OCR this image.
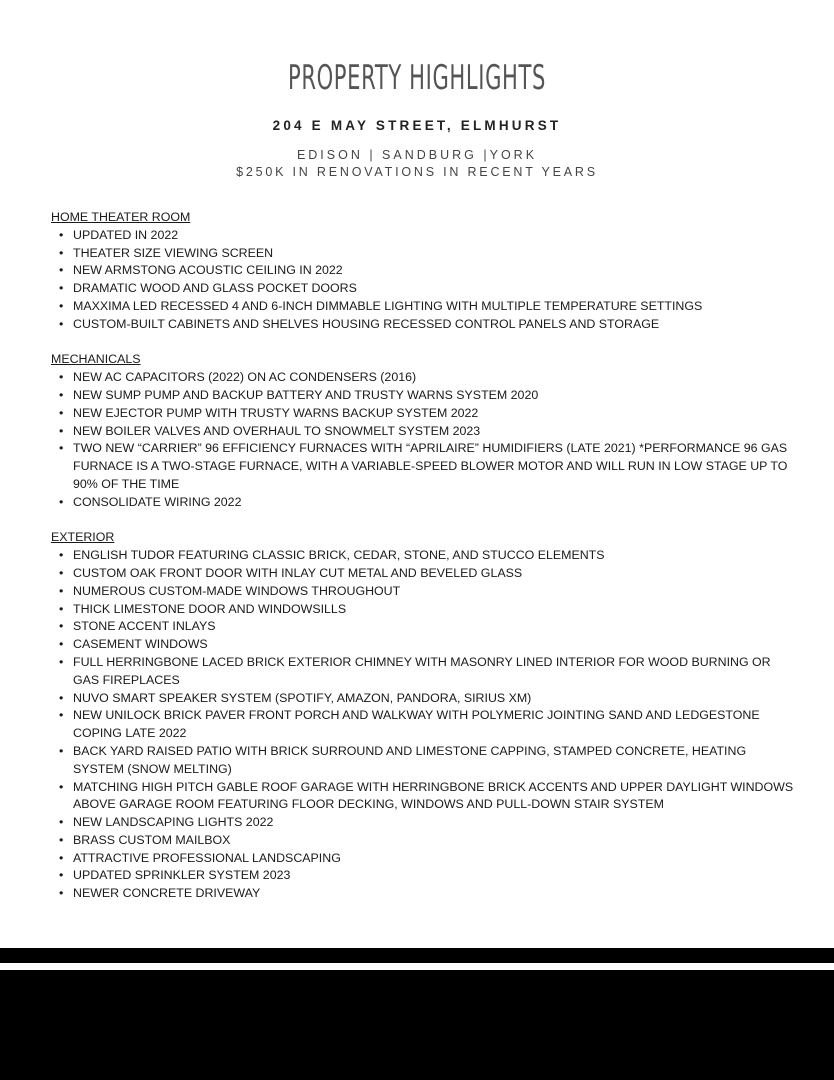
PROPERTY HIGHLIGHTS
204 E MAY STREET, ELMHURST
EDISON | SANDBURG |YORK
$250K IN RENOVATIONS IN RECENT YEARS
HOME THEATER ROOM
• UPDATED IN 2022
• THEATER SIZE VIEWING SCREEN
• NEW ARMSTONG ACOUSTIC CEILING IN 2022
• DRAMATIC WOOD AND GLASS POCKET DOORS
• MAXXIMA LED RECESSED 4 AND 6-INCH DIMMABLE LIGHTING WITH MULTIPLE TEMPERATURE SETTINGS
• CUSTOM-BUILT CABINETS AND SHELVES HOUSING RECESSED CONTROL PANELS AND STORAGE
MECHANICALS
• NEW AC CAPACITORS (2022) ON AC CONDENSERS (2016)
• NEW SUMP PUMP AND BACKUP BATTERY AND TRUSTY WARNS SYSTEM 2020
• NEW EJECTOR PUMP WITH TRUSTY WARNS BACKUP SYSTEM 2022
• NEW BOILER VALVES AND OVERHAUL TO SNOWMELT SYSTEM 2023
• TWO NEW “CARRIER” 96 EFFICIENCY FURNACES WITH “APRILAIRE” HUMIDIFIERS (LATE 2021) *PERFORMANCE 96 GAS FURNACE IS A TWO-STAGE FURNACE, WITH A VARIABLE-SPEED BLOWER MOTOR AND WILL RUN IN LOW STAGE UP TO 90% OF THE TIME
• CONSOLIDATE WIRING 2022
EXTERIOR
• ENGLISH TUDOR FEATURING CLASSIC BRICK, CEDAR, STONE, AND STUCCO ELEMENTS
• CUSTOM OAK FRONT DOOR WITH INLAY CUT METAL AND BEVELED GLASS
• NUMEROUS CUSTOM-MADE WINDOWS THROUGHOUT
• THICK LIMESTONE DOOR AND WINDOWSILLS
• STONE ACCENT INLAYS
• CASEMENT WINDOWS
• FULL HERRINGBONE LACED BRICK EXTERIOR CHIMNEY WITH MASONRY LINED INTERIOR FOR WOOD BURNING OR GAS FIREPLACES
• NUVO SMART SPEAKER SYSTEM (SPOTIFY, AMAZON, PANDORA, SIRIUS XM)
• NEW UNILOCK BRICK PAVER FRONT PORCH AND WALKWAY WITH POLYMERIC JOINTING SAND AND LEDGESTONE COPING LATE 2022
• BACK YARD RAISED PATIO WITH BRICK SURROUND AND LIMESTONE CAPPING, STAMPED CONCRETE, HEATING SYSTEM (SNOW MELTING)
• MATCHING HIGH PITCH GABLE ROOF GARAGE WITH HERRINGBONE BRICK ACCENTS AND UPPER DAYLIGHT WINDOWS ABOVE GARAGE ROOM FEATURING FLOOR DECKING, WINDOWS AND PULL-DOWN STAIR SYSTEM
• NEW LANDSCAPING LIGHTS 2022
• BRASS CUSTOM MAILBOX
• ATTRACTIVE PROFESSIONAL LANDSCAPING
• UPDATED SPRINKLER SYSTEM 2023
• NEWER CONCRETE DRIVEWAY
